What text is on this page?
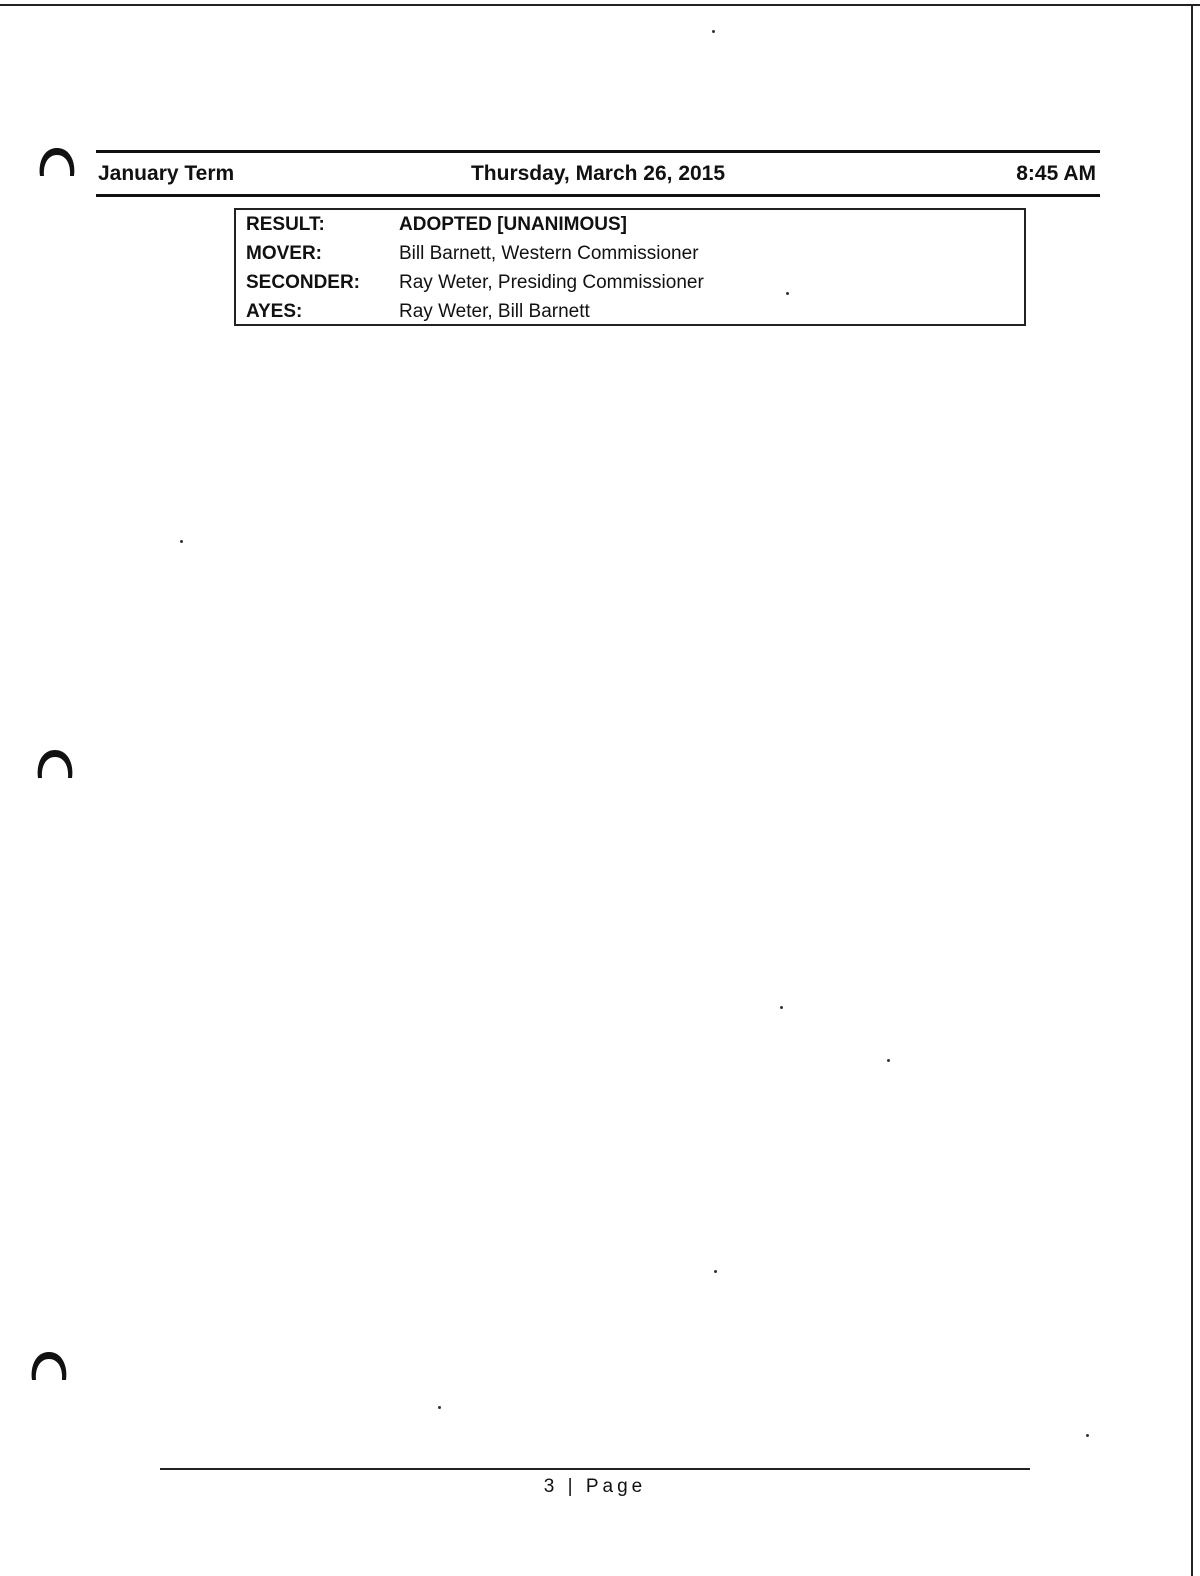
January Term	Thursday, March 26, 2015	8:45 AM
RESULT:	ADOPTED [UNANIMOUS]
MOVER:	Bill Barnett, Western Commissioner
SECONDER: Ray Weter, Presiding Commissioner
AYES:	Ray Weter, Bill Barnett
3 | Page
